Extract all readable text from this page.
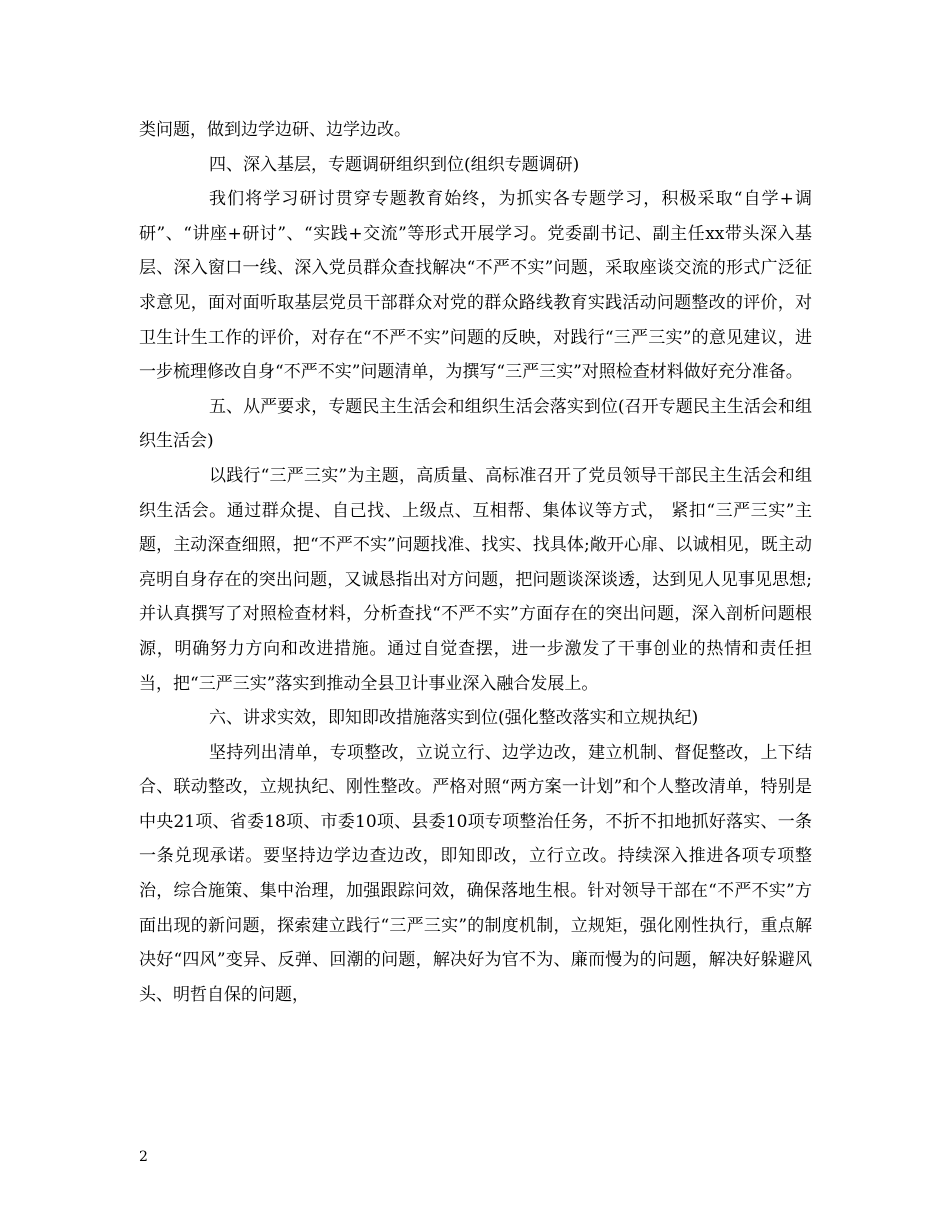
类问题，做到边学边研、边学边改。

四、深入基层，专题调研组织到位(组织专题调研)

我们将学习研讨贯穿专题教育始终，为抓实各专题学习，积极采取“自学+调研”、“讲座+研讨”、“实践+交流”等形式开展学习。党委副书记、副主任xx带头深入基层、深入窗口一线、深入党员群众查找解决“不严不实”问题，采取座谈交流的形式广泛征求意见，面对面听取基层党员干部群众对党的群众路线教育实践活动问题整改的评价，对卫生计生工作的评价，对存在“不严不实”问题的反映，对践行“三严三实”的意见建议，进一步梳理修改自身“不严不实”问题清单，为撰写“三严三实”对照检查材料做好充分准备。

五、从严要求，专题民主生活会和组织生活会落实到位(召开专题民主生活会和组织生活会)

以践行“三严三实”为主题，高质量、高标准召开了党员领导干部民主生活会和组织生活会。通过群众提、自己找、上级点、互相帮、集体议等方式， 紧扣“三严三实”主题，主动深查细照，把“不严不实”问题找准、找实、找具体;敞开心扉、以诚相见，既主动亮明自身存在的突出问题，又诚恳指出对方问题，把问题谈深谈透，达到见人见事见思想;并认真撰写了对照检查材料，分析查找“不严不实”方面存在的突出问题，深入剖析问题根源，明确努力方向和改进措施。通过自觉查摆，进一步激发了干事创业的热情和责任担当，把“三严三实”落实到推动全县卫计事业深入融合发展上。

六、讲求实效，即知即改措施落实到位(强化整改落实和立规执纪)

坚持列出清单，专项整改，立说立行、边学边改，建立机制、督促整改，上下结合、联动整改，立规执纪、刚性整改。严格对照“两方案一计划”和个人整改清单，特别是中央21项、省委18项、市委10项、县委10项专项整治任务，不折不扣地抓好落实、一条一条兑现承诺。要坚持边学边查边改，即知即改，立行立改。持续深入推进各项专项整治，综合施策、集中治理，加强跟踪问效，确保落地生根。针对领导干部在“不严不实”方面出现的新问题，探索建立践行“三严三实”的制度机制，立规矩，强化刚性执行，重点解决好“四风”变异、反弹、回潮的问题，解决好为官不为、廉而慢为的问题，解决好躲避风头、明哲自保的问题，

2
